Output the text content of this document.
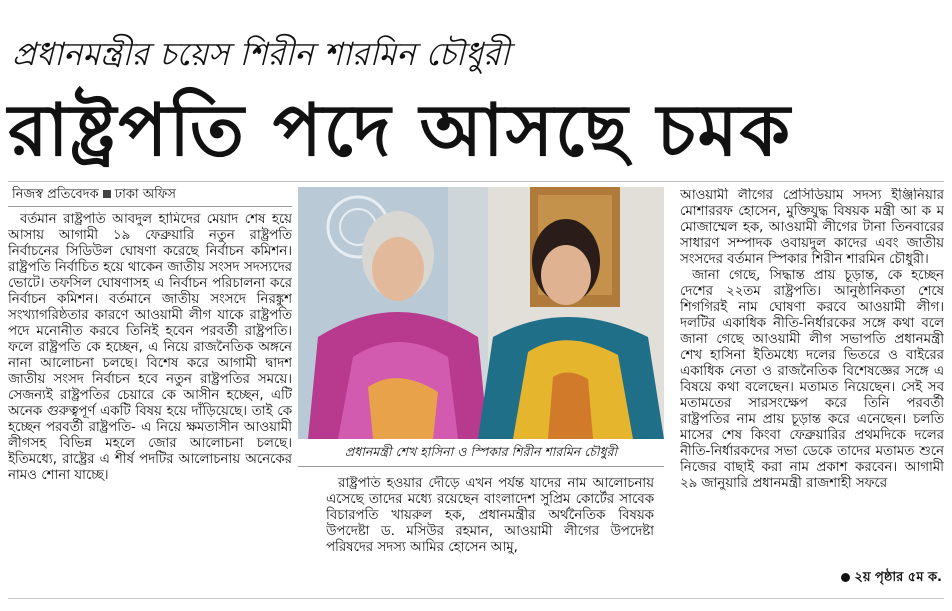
প্রধানমন্ত্রীর চয়েস শিরীন শারমিন চৌধুরী
রাষ্ট্রপতি পদে আসছে চমক
নিজস্ব প্রতিবেদক ঢাকা অফিস

বর্তমান রাষ্ট্রপতি আবদুল হামিদের মেয়াদ শেষ হয়ে আসায় আগামী ১৯ ফেব্রুয়ারি নতুন রাষ্ট্রপতি নির্বাচনের সিডিউল ঘোষণা করেছে নির্বাচন কমিশন। রাষ্ট্রপতি নির্বাচিত হয়ে থাকেন জাতীয় সংসদ সদস্যদের ভোটে। তফসিল ঘোষণাসহ এ নির্বাচন পরিচালনা করে নির্বাচন কমিশন। বর্তমানে জাতীয় সংসদে নিরঙ্কুশ সংখ্যাগরিষ্ঠতার কারণে আওয়ামী লীগ যাকে রাষ্ট্রপতি পদে মনোনীত করবে তিনিই হবেন পরবর্তী রাষ্ট্রপতি। ফলে রাষ্ট্রপতি কে হচ্ছেন, এ নিয়ে রাজনৈতিক অঙ্গনে নানা আলোচনা চলছে। বিশেষ করে আগামী দ্বাদশ জাতীয় সংসদ নির্বাচন হবে নতুন রাষ্ট্রপতির সময়ে। সেজন্যই রাষ্ট্রপতির চেয়ারে কে আসীন হচ্ছেন, এটি অনেক গুরুত্বপূর্ণ একটি বিষয় হয়ে দাঁড়িয়েছে। তাই কে হচ্ছেন পরবর্তী রাষ্ট্রপতি- এ নিয়ে ক্ষমতাসীন আওয়ামী লীগসহ বিভিন্ন মহলে জোর আলোচনা চলছে। ইতিমধ্যে, রাষ্ট্রের এ শীর্ষ পদটির আলোচনায় অনেকের নামও শোনা যাচ্ছে।

প্রধানমন্ত্রী শেখ হাসিনা ও স্পিকার শিরীন শারমিন চৌধুরী

রাষ্ট্রপতি হওয়ার দৌড়ে এখন পর্যন্ত যাদের নাম আলোচনায় এসেছে তাদের মধ্যে রয়েছেন বাংলাদেশ সুপ্রিম কোর্টের সাবেক বিচারপতি খায়রুল হক, প্রধানমন্ত্রীর অর্থনৈতিক বিষয়ক উপদেষ্টা ড. মসিউর রহমান, আওয়ামী লীগের উপদেষ্টা পরিষদের সদস্য আমির হোসেন আমু,

আওয়ামী লীগের প্রেসিডিয়াম সদস্য ইঞ্জিনিয়ার মোশাররফ হোসেন, মুক্তিযুদ্ধ বিষয়ক মন্ত্রী আ ক ম মোজাম্মেল হক, আওয়ামী লীগের টানা তিনবারের সাধারণ সম্পাদক ওবায়দুল কাদের এবং জাতীয় সংসদের বর্তমান স্পিকার শিরীন শারমিন চৌধুরী।

জানা গেছে, সিদ্ধান্ত প্রায় চূড়ান্ত, কে হচ্ছেন দেশের ২২তম রাষ্ট্রপতি। আনুষ্ঠানিকতা শেষে শিগগিরই নাম ঘোষণা করবে আওয়ামী লীগ। দলটির একাধিক নীতি-নির্ধারকের সঙ্গে কথা বলে জানা গেছে আওয়ামী লীগ সভাপতি প্রধানমন্ত্রী শেখ হাসিনা ইতিমধ্যে দলের ভিতরে ও বাইরের একাধিক নেতা ও রাজনৈতিক বিশেষজ্ঞের সঙ্গে এ বিষয়ে কথা বলেছেন। মতামত নিয়েছেন। সেই সব মতামতের সারসংক্ষেপ করে তিনি পরবর্তী রাষ্ট্রপতির নাম প্রায় চূড়ান্ত করে এনেছেন। চলতি মাসের শেষ কিংবা ফেব্রুয়ারির প্রথমদিকে দলের নীতি-নির্ধারকদের সভা ডেকে তাদের মতামত শুনে নিজের বাছাই করা নাম প্রকাশ করবেন। আগামী ২৯ জানুয়ারি প্রধানমন্ত্রী রাজশাহী সফরে

২য় পৃষ্ঠার ৫ম ক.
